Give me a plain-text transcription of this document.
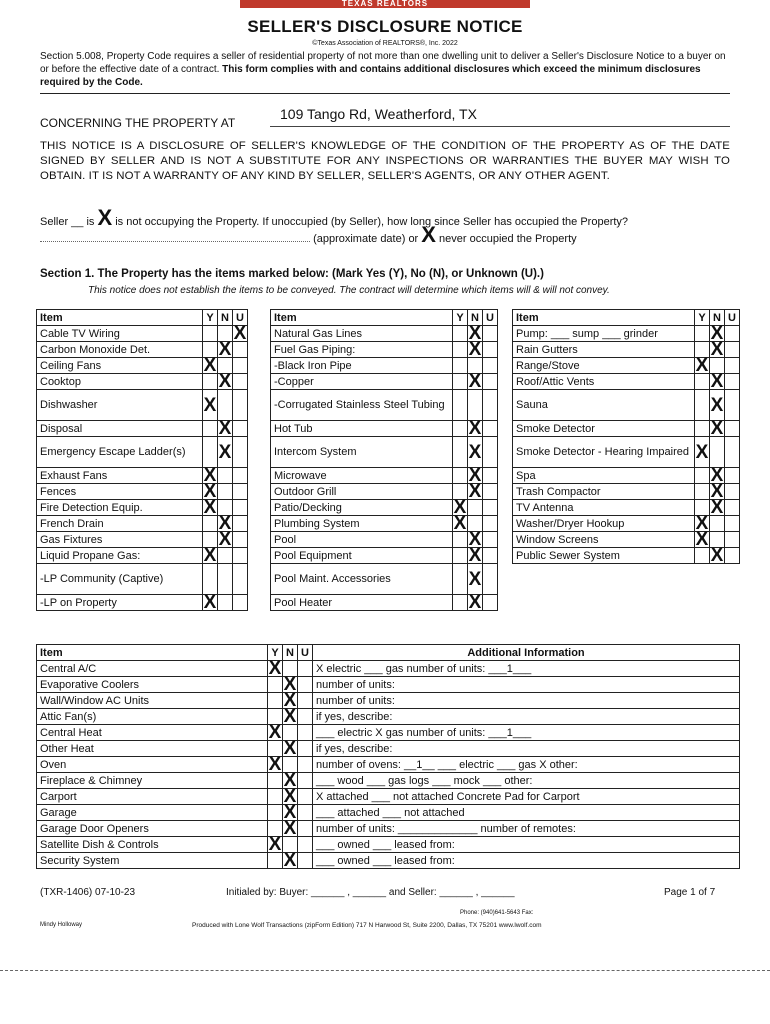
TEXAS REALTORS
SELLER'S DISCLOSURE NOTICE
©Texas Association of REALTORS®, Inc. 2022
Section 5.008, Property Code requires a seller of residential property of not more than one dwelling unit to deliver a Seller's Disclosure Notice to a buyer on or before the effective date of a contract. This form complies with and contains additional disclosures which exceed the minimum disclosures required by the Code.
CONCERNING THE PROPERTY AT
109 Tango Rd, Weatherford, TX
THIS NOTICE IS A DISCLOSURE OF SELLER'S KNOWLEDGE OF THE CONDITION OF THE PROPERTY AS OF THE DATE SIGNED BY SELLER AND IS NOT A SUBSTITUTE FOR ANY INSPECTIONS OR WARRANTIES THE BUYER MAY WISH TO OBTAIN. IT IS NOT A WARRANTY OF ANY KIND BY SELLER, SELLER'S AGENTS, OR ANY OTHER AGENT.
Seller __ is X is not occupying the Property. If unoccupied (by Seller), how long since Seller has occupied the Property?  (approximate date) or X never occupied the Property
Section 1. The Property has the items marked below: (Mark Yes (Y), No (N), or Unknown (U).)
This notice does not establish the items to be conveyed. The contract will determine which items will & will not convey.
Item	Y	N	U
Cable TV Wiring			X
Carbon Monoxide Det.		X	
Ceiling Fans	X		
Cooktop		X	
Dishwasher	X		
Disposal		X	
Emergency Escape Ladder(s)		X	
Exhaust Fans	X		
Fences	X		
Fire Detection Equip.	X		
French Drain		X	
Gas Fixtures		X	
Liquid Propane Gas:	X		
-LP Community (Captive)			
-LP on Property	X		
Item	Y	N	U
Natural Gas Lines		X	
Fuel Gas Piping:		X	
-Black Iron Pipe			
-Copper		X	
-Corrugated Stainless Steel Tubing			
Hot Tub		X	
Intercom System		X	
Microwave		X	
Outdoor Grill		X	
Patio/Decking	X		
Plumbing System	X		
Pool		X	
Pool Equipment		X	
Pool Maint. Accessories		X	
Pool Heater		X	
Item	Y	N	U
Pump: ___ sump ___ grinder		X	
Rain Gutters		X	
Range/Stove	X		
Roof/Attic Vents		X	
Sauna		X	
Smoke Detector		X	
Smoke Detector - Hearing Impaired	X		
Spa		X	
Trash Compactor		X	
TV Antenna		X	
Washer/Dryer Hookup	X		
Window Screens	X		
Public Sewer System		X	
Item	Y	N	U	Additional Information
Central A/C	X			X electric ___ gas number of units: ___1___
Evaporative Coolers		X		number of units:
Wall/Window AC Units		X		number of units:
Attic Fan(s)		X		if yes, describe:
Central Heat	X			___ electric X gas number of units: ___1___
Other Heat		X		if yes, describe:
Oven	X			number of ovens: __1__ ___ electric ___ gas X other:
Fireplace & Chimney		X		___ wood ___ gas logs ___ mock ___ other:
Carport		X		X attached ___ not attached Concrete Pad for Carport
Garage		X		___ attached ___ not attached
Garage Door Openers		X		number of units: _____________ number of remotes:
Satellite Dish & Controls	X			___ owned ___ leased from:
Security System		X		___ owned ___ leased from:
(TXR-1406) 07-10-23	Initialed by: Buyer: ______ , ______ and Seller: ______ , ______	Page 1 of 7
Phone: (940)641-5643 Fax:
Mindy Holloway	Produced with Lone Wolf Transactions (zipForm Edition) 717 N Harwood St, Suite 2200, Dallas, TX 75201 www.lwolf.com
